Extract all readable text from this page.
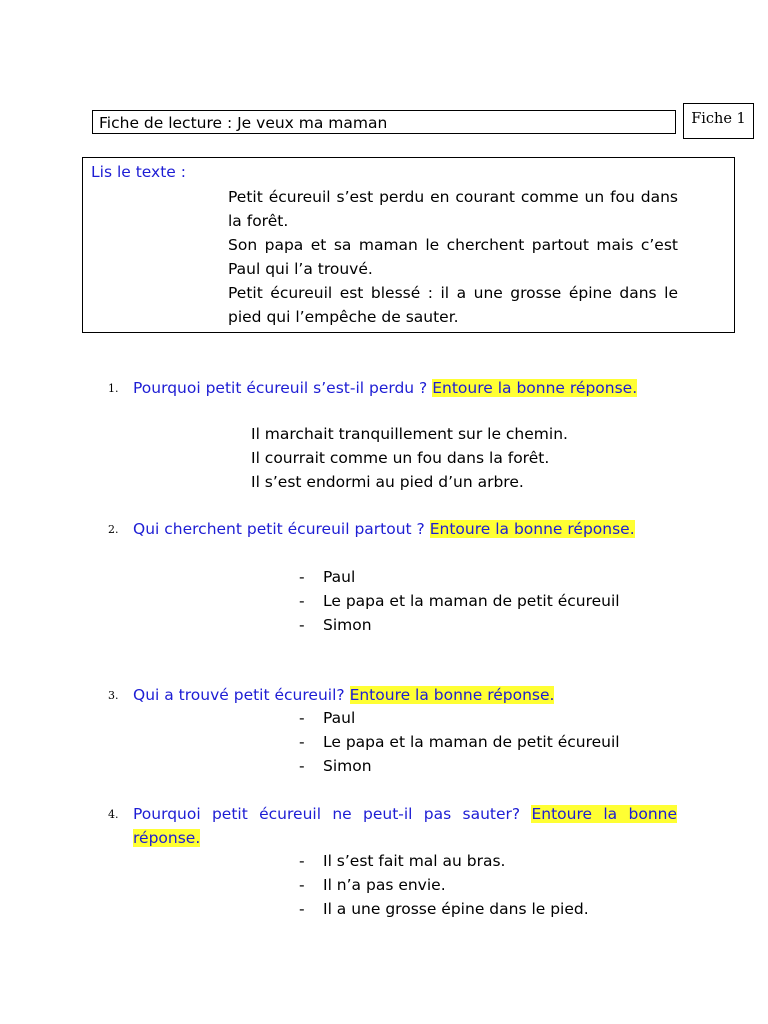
Fiche de lecture : Je veux ma maman	Fiche 1
Lis le texte :

Petit écureuil s’est perdu en courant comme un fou dans la forêt.

Son papa et sa maman le cherchent partout mais c’est Paul qui l’a trouvé.

Petit écureuil est blessé : il a une grosse épine dans le pied qui l’empêche de sauter.

1. Pourquoi petit écureuil s’est-il perdu ? Entoure la bonne réponse.
Il marchait tranquillement sur le chemin.
Il courrait comme un fou dans la forêt.
Il s’est endormi au pied d’un arbre.
2. Qui cherchent petit écureuil partout ? Entoure la bonne réponse.
- Paul
- Le papa et la maman de petit écureuil
- Simon
3. Qui a trouvé petit écureuil? Entoure la bonne réponse.
- Paul
- Le papa et la maman de petit écureuil
- Simon
4. Pourquoi petit écureuil ne peut-il pas sauter? Entoure la bonne réponse.
- Il s’est fait mal au bras.
- Il n’a pas envie.
- Il a une grosse épine dans le pied.
